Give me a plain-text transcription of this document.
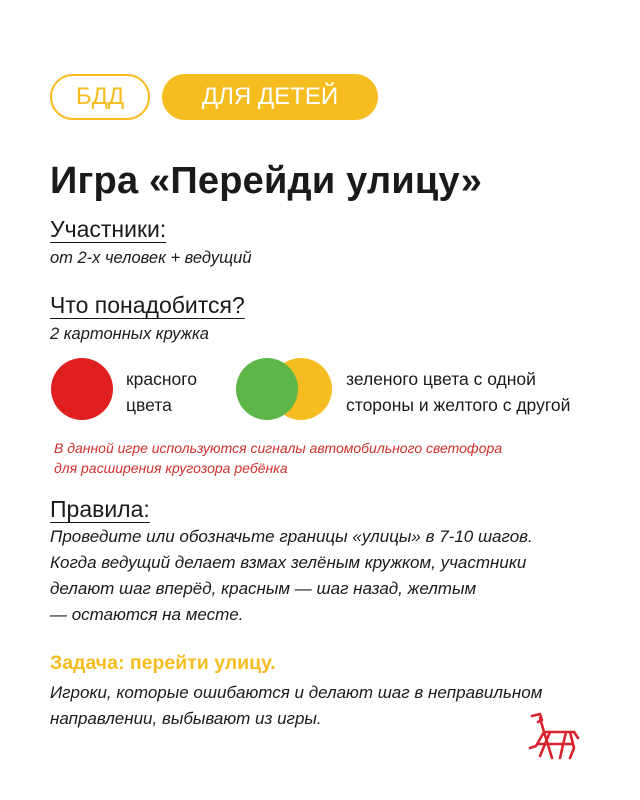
БДД	ДЛЯ ДЕТЕЙ
Игра «Перейди улицу»
Участники:
от 2-х человек + ведущий
Что понадобится?
2 картонных кружка
красного
цвета
зеленого цвета с одной
стороны и желтого с другой
В данной игре используются сигналы автомобильного светофора
для расширения кругозора ребёнка
Правила:
Проведите или обозначьте границы «улицы» в 7-10 шагов.
Когда ведущий делает взмах зелёным кружком, участники
делают шаг вперёд, красным — шаг назад, желтым
— остаются на месте.
Задача: перейти улицу.
Игроки, которые ошибаются и делают шаг в неправильном
направлении, выбывают из игры.
